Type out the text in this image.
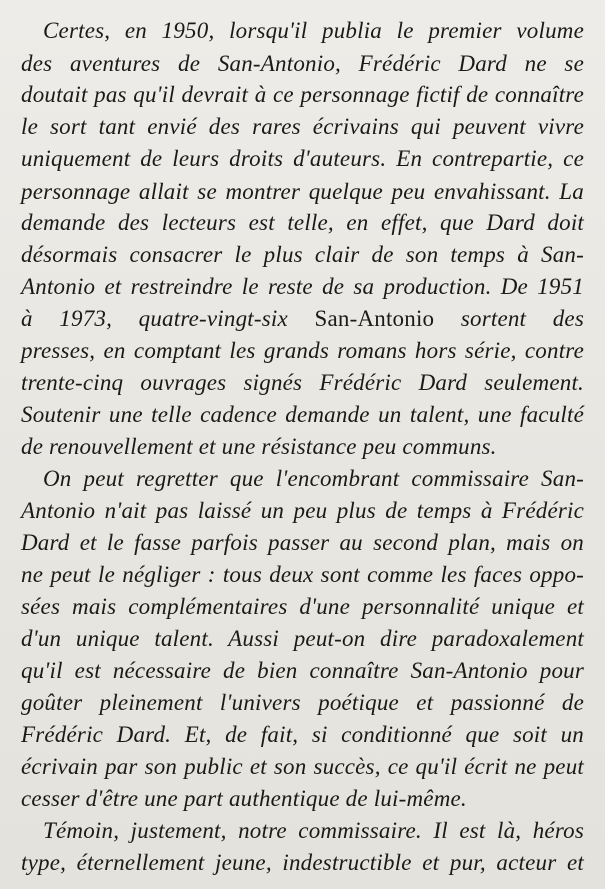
Certes, en 1950, lorsqu'il publia le premier volume
des aventures de San-Antonio, Frédéric Dard ne se
doutait pas qu'il devrait à ce personnage fictif de connaître
le sort tant envié des rares écrivains qui peuvent vivre
uniquement de leurs droits d'auteurs. En contrepartie, ce
personnage allait se montrer quelque peu envahissant. La
demande des lecteurs est telle, en effet, que Dard doit
désormais consacrer le plus clair de son temps à San-
Antonio et restreindre le reste de sa production. De 1951
à 1973, quatre-vingt-six San-Antonio sortent des
presses, en comptant les grands romans hors série, contre
trente-cinq ouvrages signés Frédéric Dard seulement.
Soutenir une telle cadence demande un talent, une faculté
de renouvellement et une résistance peu communs.
On peut regretter que l'encombrant commissaire San-
Antonio n'ait pas laissé un peu plus de temps à Frédéric
Dard et le fasse parfois passer au second plan, mais on
ne peut le négliger : tous deux sont comme les faces oppo-
sées mais complémentaires d'une personnalité unique et
d'un unique talent. Aussi peut-on dire paradoxalement
qu'il est nécessaire de bien connaître San-Antonio pour
goûter pleinement l'univers poétique et passionné de
Frédéric Dard. Et, de fait, si conditionné que soit un
écrivain par son public et son succès, ce qu'il écrit ne peut
cesser d'être une part authentique de lui-même.
Témoin, justement, notre commissaire. Il est là, héros
type, éternellement jeune, indestructible et pur, acteur et
